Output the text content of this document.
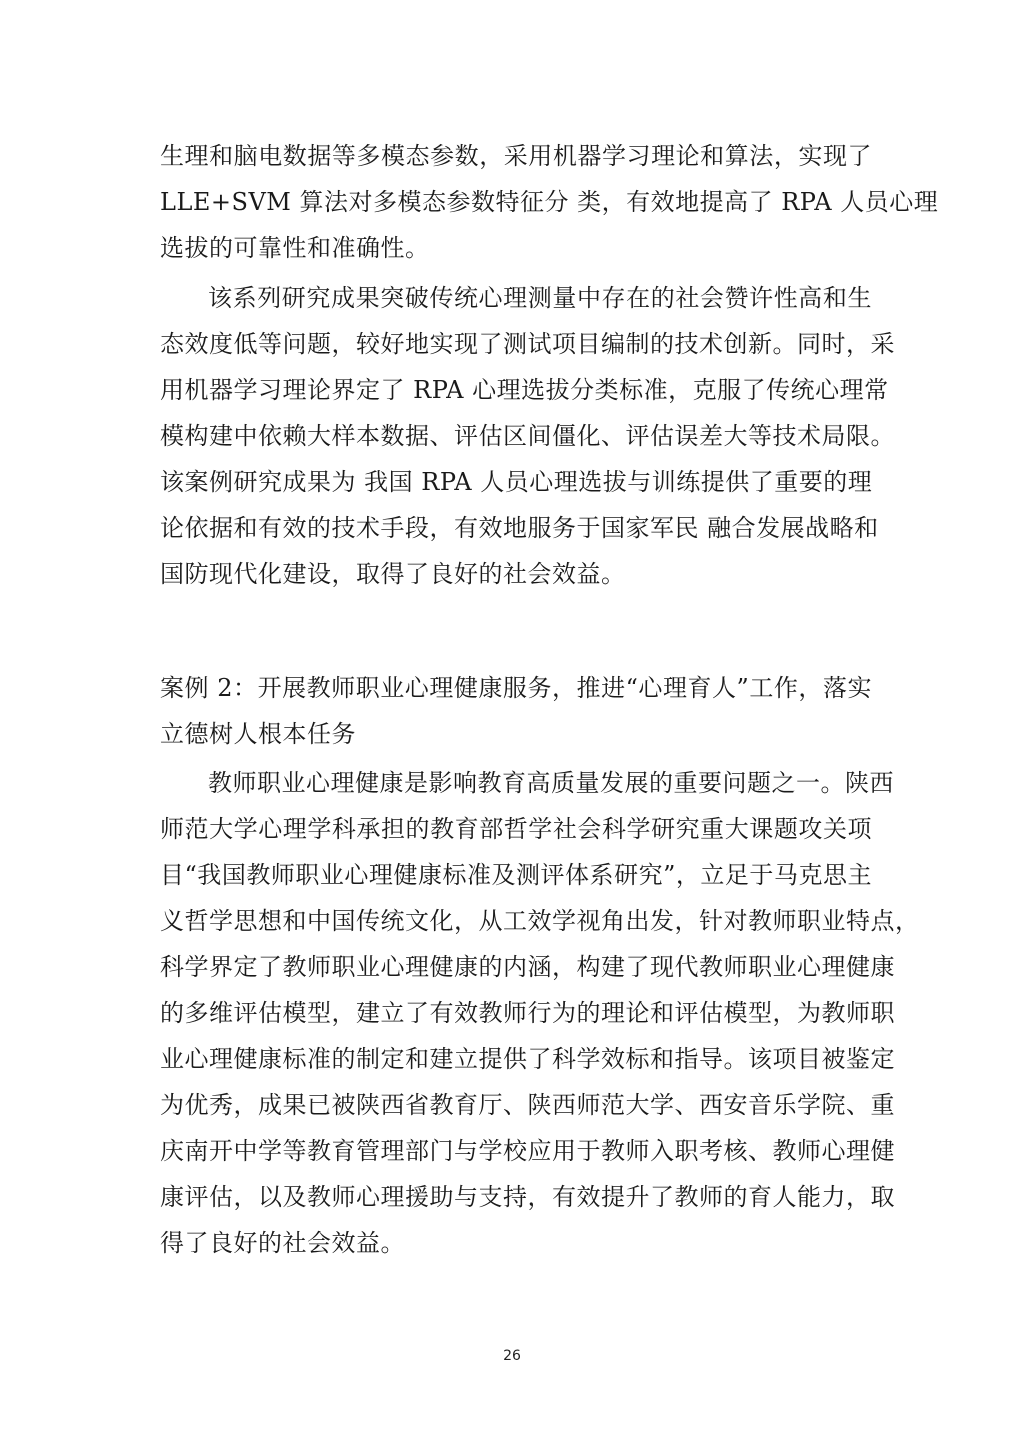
生理和脑电数据等多模态参数，采用机器学习理论和算法，实现了
LLE+SVM 算法对多模态参数特征分 类，有效地提高了 RPA 人员心理
选拔的可靠性和准确性。
该系列研究成果突破传统心理测量中存在的社会赞许性高和生
态效度低等问题，较好地实现了测试项目编制的技术创新。同时，采
用机器学习理论界定了 RPA 心理选拔分类标准，克服了传统心理常
模构建中依赖大样本数据、评估区间僵化、评估误差大等技术局限。
该案例研究成果为 我国 RPA 人员心理选拔与训练提供了重要的理
论依据和有效的技术手段，有效地服务于国家军民 融合发展战略和
国防现代化建设，取得了良好的社会效益。
案例 2：开展教师职业心理健康服务，推进“心理育人”工作，落实
立德树人根本任务
教师职业心理健康是影响教育高质量发展的重要问题之一。陕西
师范大学心理学科承担的教育部哲学社会科学研究重大课题攻关项
目“我国教师职业心理健康标准及测评体系研究”，立足于马克思主
义哲学思想和中国传统文化，从工效学视角出发，针对教师职业特点，
科学界定了教师职业心理健康的内涵，构建了现代教师职业心理健康
的多维评估模型，建立了有效教师行为的理论和评估模型，为教师职
业心理健康标准的制定和建立提供了科学效标和指导。该项目被鉴定
为优秀，成果已被陕西省教育厅、陕西师范大学、西安音乐学院、重
庆南开中学等教育管理部门与学校应用于教师入职考核、教师心理健
康评估，以及教师心理援助与支持，有效提升了教师的育人能力，取
得了良好的社会效益。
26
